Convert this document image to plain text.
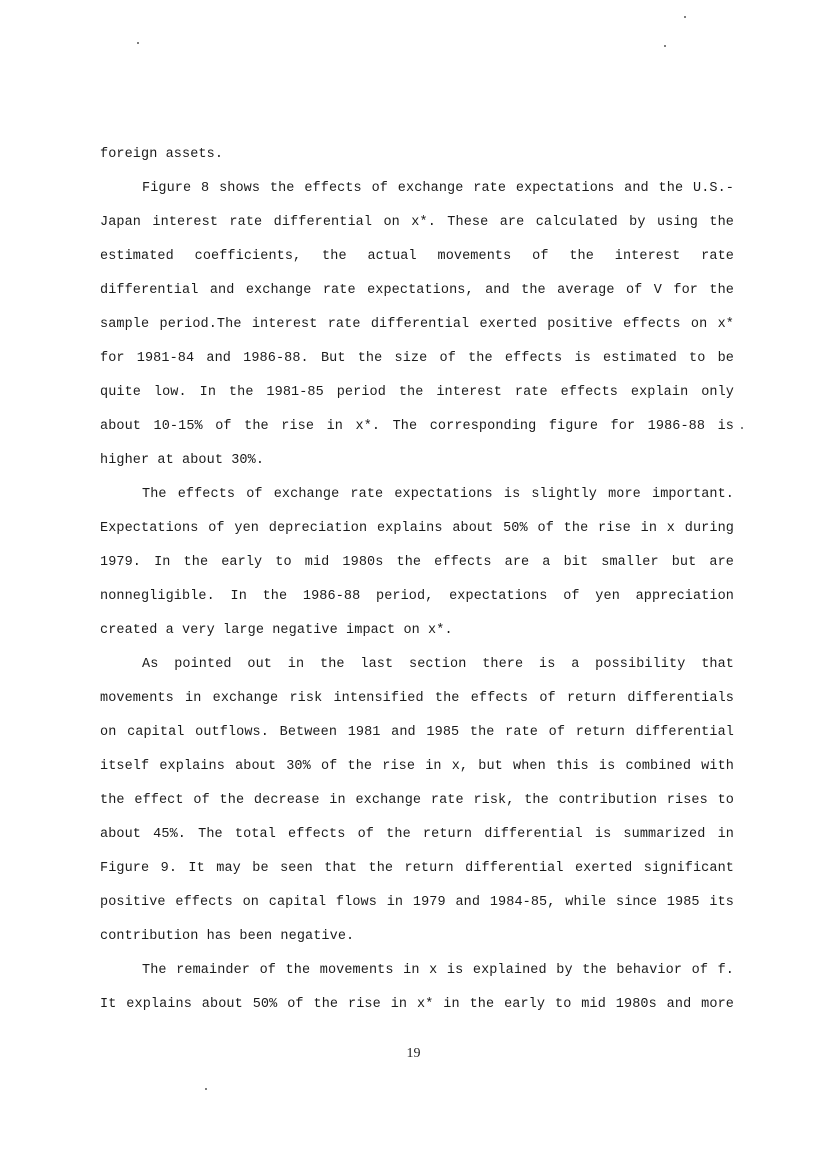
foreign assets.
Figure 8 shows the effects of exchange rate expectations and the U.S.-
Japan interest rate differential on x*. These are calculated by using the
estimated coefficients, the actual movements of the interest rate
differential and exchange rate expectations, and the average of V for the
sample period.The interest rate differential exerted positive effects on x*
for 1981-84 and 1986-88. But the size of the effects is estimated to be
quite low. In the 1981-85 period the interest rate effects explain only
about 10-15% of the rise in x*. The corresponding figure for 1986-88 is
higher at about 30%.
The effects of exchange rate expectations is slightly more important.
Expectations of yen depreciation explains about 50% of the rise in x during
1979. In the early to mid 1980s the effects are a bit smaller but are
nonnegligible. In the 1986-88 period, expectations of yen appreciation
created a very large negative impact on x*.
As pointed out in the last section there is a possibility that
movements in exchange risk intensified the effects of return differentials
on capital outflows. Between 1981 and 1985 the rate of return differential
itself explains about 30% of the rise in x, but when this is combined with
the effect of the decrease in exchange rate risk, the contribution rises to
about 45%. The total effects of the return differential is summarized in
Figure 9. It may be seen that the return differential exerted significant
positive effects on capital flows in 1979 and 1984-85, while since 1985 its
contribution has been negative.
The remainder of the movements in x is explained by the behavior of f.
It explains about 50% of the rise in x* in the early to mid 1980s and more
19
